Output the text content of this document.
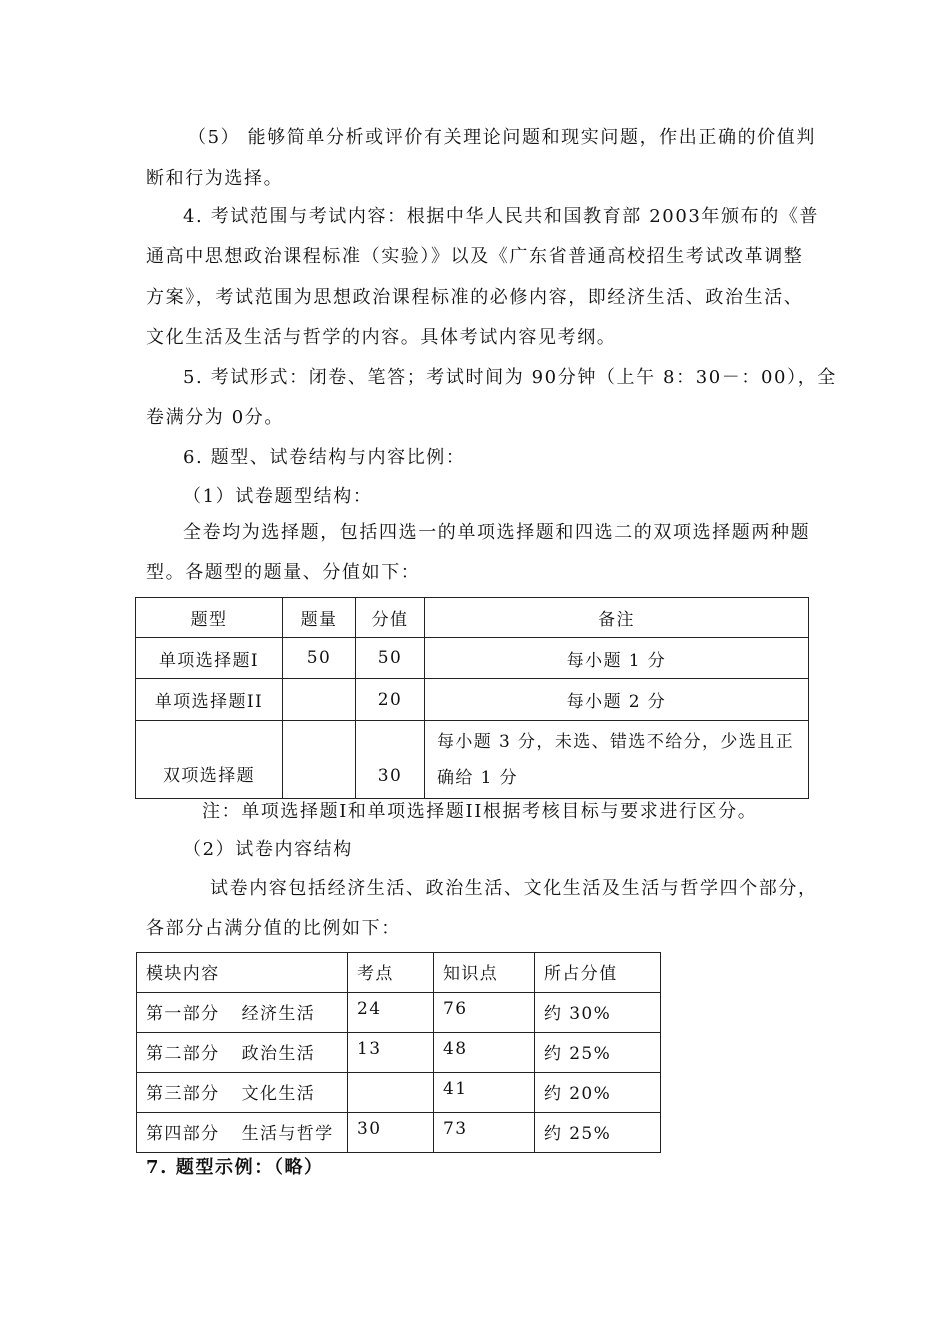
（5） 能够简单分析或评价有关理论问题和现实问题，作出正确的价值判
断和行为选择。
4. 考试范围与考试内容：根据中华人民共和国教育部 2003年颁布的《普
通高中思想政治课程标准（实验）》以及《广东省普通高校招生考试改革调整
方案》，考试范围为思想政治课程标准的必修内容，即经济生活、政治生活、
文化生活及生活与哲学的内容。具体考试内容见考纲。
5. 考试形式：闭卷、笔答；考试时间为 90分钟（上午 8：30－：00），全
卷满分为 0分。
6. 题型、试卷结构与内容比例：
（1）试卷题型结构：
全卷均为选择题，包括四选一的单项选择题和四选二的双项选择题两种题
型。各题型的题量、分值如下：
题型	题量	分值	备注
单项选择题I	50	50	每小题 1 分
单项选择题II		20	每小题 2 分
双项选择题		30	每小题 3 分，未选、错选不给分，少选且正
确给 1 分
注：单项选择题I和单项选择题II根据考核目标与要求进行区分。
（2）试卷内容结构
试卷内容包括经济生活、政治生活、文化生活及生活与哲学四个部分，
各部分占满分值的比例如下：
模块内容	考点	知识点	所占分值
第一部分 经济生活	24	76	约 30%
第二部分 政治生活	13	48	约 25%
第三部分 文化生活		41	约 20%
第四部分 生活与哲学	30	73	约 25%
7. 题型示例：（略）
